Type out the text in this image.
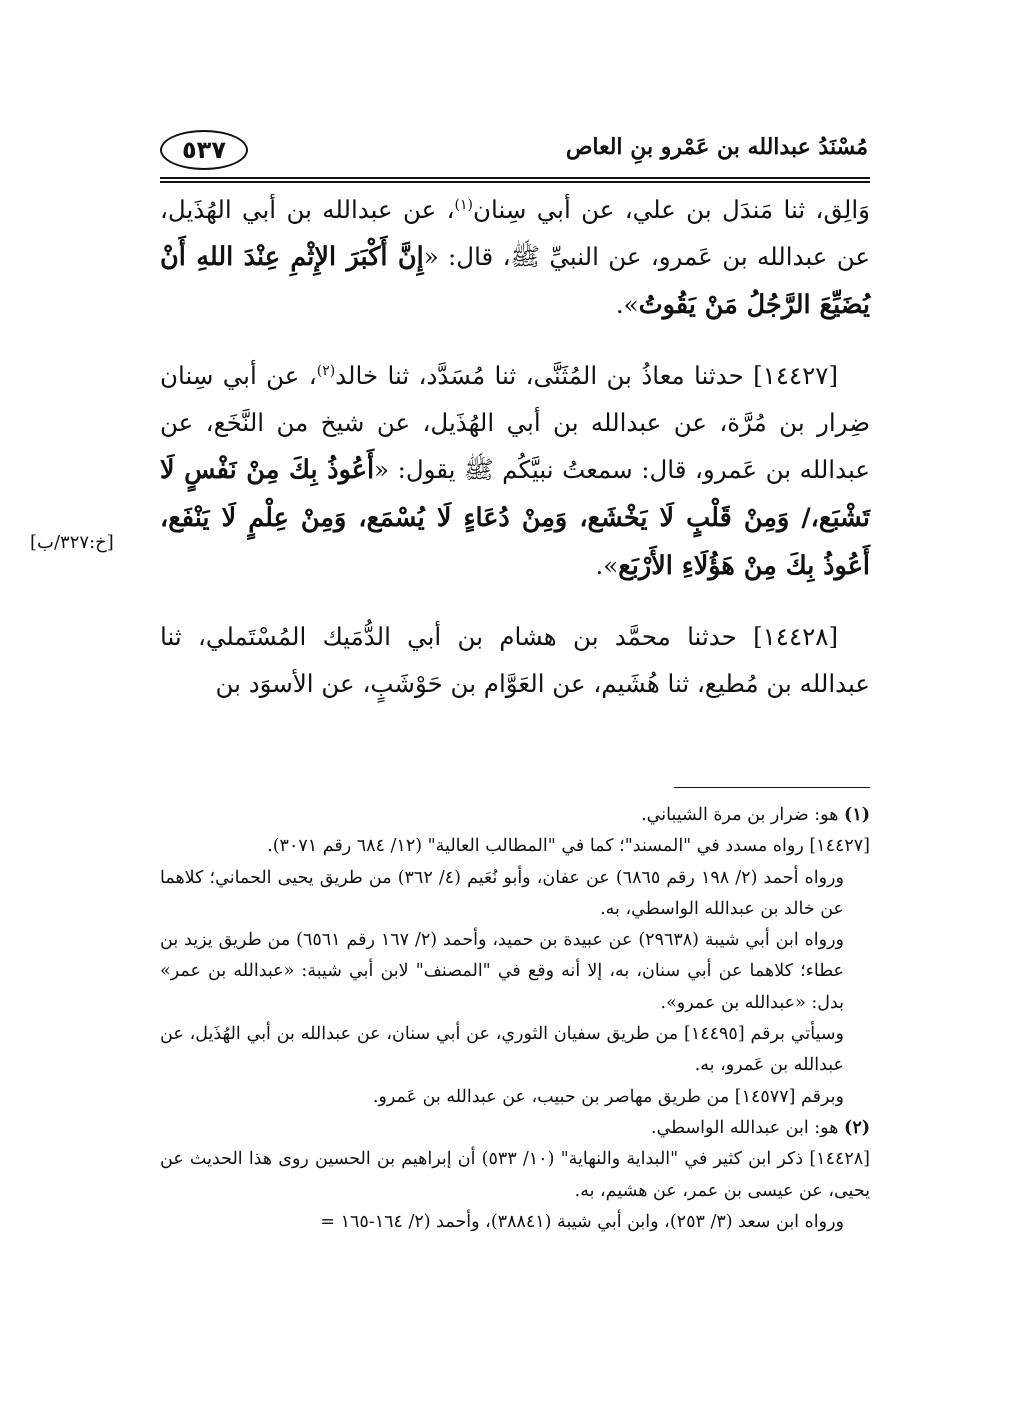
٥٣٧	مُسْنَدُ عبدالله بن عَمْرو بنِ العاص

وَالِق، ثنا مَندَل بن علي، عن أبي سِنان$^{(١)}$، عن عبدالله بن أبي الهُذَيل، عن عبدالله بن عَمرو، عن النبيِّ ﷺ، قال: «إِنَّ أَكْبَرَ الإِثْمِ عِنْدَ اللهِ أَنْ يُضَيِّعَ الرَّجُلُ مَنْ يَقُوتُ».

[١٤٤٢٧] حدثنا معاذُ بن المُثَنَّى، ثنا مُسَدَّد، ثنا خالد$^{(٢)}$، عن أبي سِنان ضِرار بن مُرَّة، عن عبدالله بن أبي الهُذَيل، عن شيخ من النَّخَع، عن عبدالله بن عَمرو، قال: سمعتُ نبيَّكُم ﷺ يقول: «أَعُوذُ بِكَ مِنْ نَفْسٍ لَا تَشْبَع،/ وَمِنْ قَلْبٍ لَا يَخْشَع، وَمِنْ دُعَاءٍ لَا يُسْمَع، وَمِنْ عِلْمٍ لَا يَنْفَع، أَعُوذُ بِكَ مِنْ هَؤُلَاءِ الأَرْبَع».

[١٤٤٢٨] حدثنا محمَّد بن هشام بن أبي الدُّمَيك المُسْتَملي، ثنا عبدالله بن مُطيع، ثنا هُشَيم، عن العَوَّام بن حَوْشَبٍ، عن الأسوَد بن

[خ:٣٢٧/ب]

(١) هو: ضرار بن مرة الشيباني.

[١٤٤٢٧] رواه مسدد في "المسند"؛ كما في "المطالب العالية" (١٢/ ٦٨٤ رقم ٣٠٧١).

ورواه أحمد (٢/ ١٩٨ رقم ٦٨٦٥) عن عفان، وأبو نُعَيم (٤/ ٣٦٢) من طريق يحيى الحماني؛ كلاهما عن خالد بن عبدالله الواسطي، به.

ورواه ابن أبي شيبة (٢٩٦٣٨) عن عبيدة بن حميد، وأحمد (٢/ ١٦٧ رقم ٦٥٦١) من طريق يزيد بن عطاء؛ كلاهما عن أبي سنان، به، إلا أنه وقع في "المصنف" لابن أبي شيبة: «عبدالله بن عمر» بدل: «عبدالله بن عمرو».

وسيأتي برقم [١٤٤٩٥] من طريق سفيان الثوري، عن أبي سنان، عن عبدالله بن أبي الهُذَيل، عن عبدالله بن عَمرو، به.

وبرقم [١٤٥٧٧] من طريق مهاصر بن حبيب، عن عبدالله بن عَمرو.

(٢) هو: ابن عبدالله الواسطي.

[١٤٤٢٨] ذكر ابن كثير في "البداية والنهاية" (١٠/ ٥٣٣) أن إبراهيم بن الحسين روى هذا الحديث عن يحيى، عن عيسى بن عمر، عن هشيم، به.

ورواه ابن سعد (٣/ ٢٥٣)، وابن أبي شيبة (٣٨٨٤١)، وأحمد (٢/ ١٦٤-١٦٥ =
